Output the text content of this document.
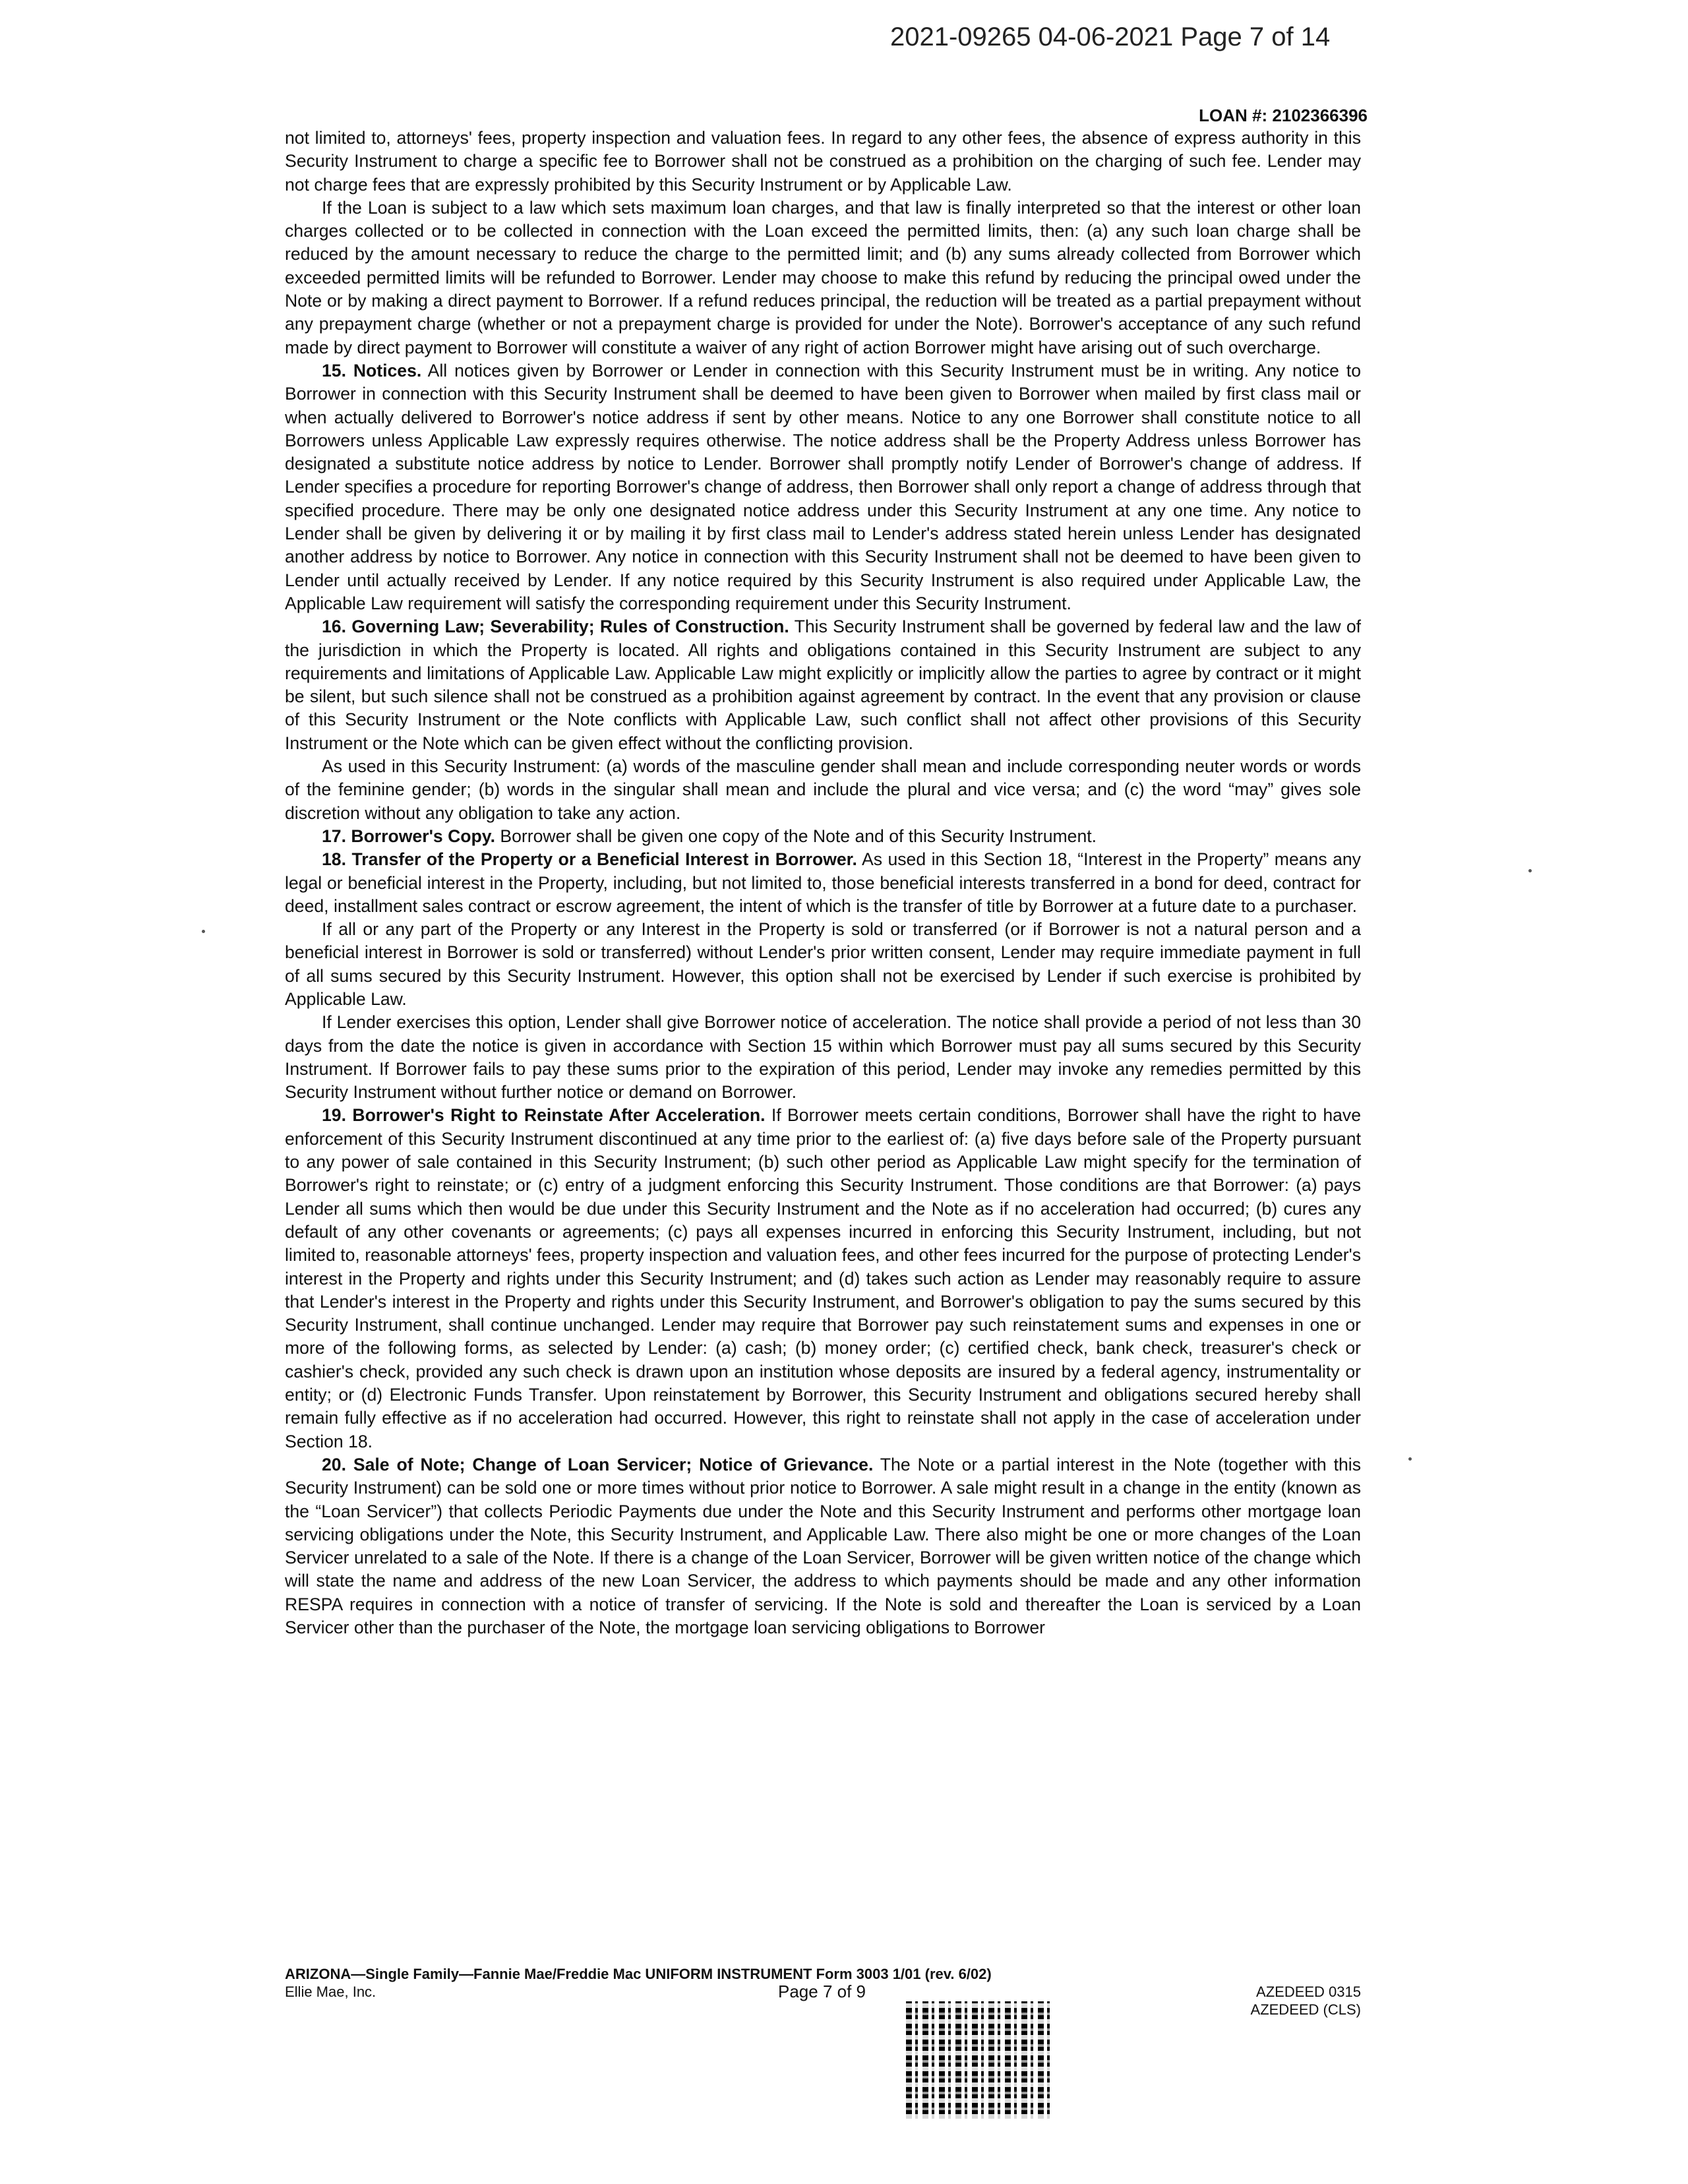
2021-09265 04-06-2021 Page 7 of 14
LOAN #: 2102366396

not limited to, attorneys' fees, property inspection and valuation fees. In regard to any other fees, the absence of express authority in this Security Instrument to charge a specific fee to Borrower shall not be construed as a prohibition on the charging of such fee. Lender may not charge fees that are expressly prohibited by this Security Instrument or by Applicable Law.

If the Loan is subject to a law which sets maximum loan charges, and that law is finally interpreted so that the interest or other loan charges collected or to be collected in connection with the Loan exceed the permitted limits, then: (a) any such loan charge shall be reduced by the amount necessary to reduce the charge to the permitted limit; and (b) any sums already collected from Borrower which exceeded permitted limits will be refunded to Borrower. Lender may choose to make this refund by reducing the principal owed under the Note or by making a direct payment to Borrower. If a refund reduces principal, the reduction will be treated as a partial prepayment without any prepayment charge (whether or not a prepayment charge is provided for under the Note). Borrower's acceptance of any such refund made by direct payment to Borrower will constitute a waiver of any right of action Borrower might have arising out of such overcharge.

15. Notices. All notices given by Borrower or Lender in connection with this Security Instrument must be in writing. Any notice to Borrower in connection with this Security Instrument shall be deemed to have been given to Borrower when mailed by first class mail or when actually delivered to Borrower's notice address if sent by other means. Notice to any one Borrower shall constitute notice to all Borrowers unless Applicable Law expressly requires otherwise. The notice address shall be the Property Address unless Borrower has designated a substitute notice address by notice to Lender. Borrower shall promptly notify Lender of Borrower's change of address. If Lender specifies a procedure for reporting Borrower's change of address, then Borrower shall only report a change of address through that specified procedure. There may be only one designated notice address under this Security Instrument at any one time. Any notice to Lender shall be given by delivering it or by mailing it by first class mail to Lender's address stated herein unless Lender has designated another address by notice to Borrower. Any notice in connection with this Security Instrument shall not be deemed to have been given to Lender until actually received by Lender. If any notice required by this Security Instrument is also required under Applicable Law, the Applicable Law requirement will satisfy the corresponding requirement under this Security Instrument.

16. Governing Law; Severability; Rules of Construction. This Security Instrument shall be governed by federal law and the law of the jurisdiction in which the Property is located. All rights and obligations contained in this Security Instrument are subject to any requirements and limitations of Applicable Law. Applicable Law might explicitly or implicitly allow the parties to agree by contract or it might be silent, but such silence shall not be construed as a prohibition against agreement by contract. In the event that any provision or clause of this Security Instrument or the Note conflicts with Applicable Law, such conflict shall not affect other provisions of this Security Instrument or the Note which can be given effect without the conflicting provision.

As used in this Security Instrument: (a) words of the masculine gender shall mean and include corresponding neuter words or words of the feminine gender; (b) words in the singular shall mean and include the plural and vice versa; and (c) the word “may” gives sole discretion without any obligation to take any action.

17. Borrower's Copy. Borrower shall be given one copy of the Note and of this Security Instrument.

18. Transfer of the Property or a Beneficial Interest in Borrower. As used in this Section 18, “Interest in the Property” means any legal or beneficial interest in the Property, including, but not limited to, those beneficial interests transferred in a bond for deed, contract for deed, installment sales contract or escrow agreement, the intent of which is the transfer of title by Borrower at a future date to a purchaser.

If all or any part of the Property or any Interest in the Property is sold or transferred (or if Borrower is not a natural person and a beneficial interest in Borrower is sold or transferred) without Lender's prior written consent, Lender may require immediate payment in full of all sums secured by this Security Instrument. However, this option shall not be exercised by Lender if such exercise is prohibited by Applicable Law.

If Lender exercises this option, Lender shall give Borrower notice of acceleration. The notice shall provide a period of not less than 30 days from the date the notice is given in accordance with Section 15 within which Borrower must pay all sums secured by this Security Instrument. If Borrower fails to pay these sums prior to the expiration of this period, Lender may invoke any remedies permitted by this Security Instrument without further notice or demand on Borrower.

19. Borrower's Right to Reinstate After Acceleration. If Borrower meets certain conditions, Borrower shall have the right to have enforcement of this Security Instrument discontinued at any time prior to the earliest of: (a) five days before sale of the Property pursuant to any power of sale contained in this Security Instrument; (b) such other period as Applicable Law might specify for the termination of Borrower's right to reinstate; or (c) entry of a judgment enforcing this Security Instrument. Those conditions are that Borrower: (a) pays Lender all sums which then would be due under this Security Instrument and the Note as if no acceleration had occurred; (b) cures any default of any other covenants or agreements; (c) pays all expenses incurred in enforcing this Security Instrument, including, but not limited to, reasonable attorneys' fees, property inspection and valuation fees, and other fees incurred for the purpose of protecting Lender's interest in the Property and rights under this Security Instrument; and (d) takes such action as Lender may reasonably require to assure that Lender's interest in the Property and rights under this Security Instrument, and Borrower's obligation to pay the sums secured by this Security Instrument, shall continue unchanged. Lender may require that Borrower pay such reinstatement sums and expenses in one or more of the following forms, as selected by Lender: (a) cash; (b) money order; (c) certified check, bank check, treasurer's check or cashier's check, provided any such check is drawn upon an institution whose deposits are insured by a federal agency, instrumentality or entity; or (d) Electronic Funds Transfer. Upon reinstatement by Borrower, this Security Instrument and obligations secured hereby shall remain fully effective as if no acceleration had occurred. However, this right to reinstate shall not apply in the case of acceleration under Section 18.

20. Sale of Note; Change of Loan Servicer; Notice of Grievance. The Note or a partial interest in the Note (together with this Security Instrument) can be sold one or more times without prior notice to Borrower. A sale might result in a change in the entity (known as the “Loan Servicer”) that collects Periodic Payments due under the Note and this Security Instrument and performs other mortgage loan servicing obligations under the Note, this Security Instrument, and Applicable Law. There also might be one or more changes of the Loan Servicer unrelated to a sale of the Note. If there is a change of the Loan Servicer, Borrower will be given written notice of the change which will state the name and address of the new Loan Servicer, the address to which payments should be made and any other information RESPA requires in connection with a notice of transfer of servicing. If the Note is sold and thereafter the Loan is serviced by a Loan Servicer other than the purchaser of the Note, the mortgage loan servicing obligations to Borrower

ARIZONA—Single Family—Fannie Mae/Freddie Mac UNIFORM INSTRUMENT Form 3003 1/01 (rev. 6/02)
Ellie Mae, Inc.	Page 7 of 9	AZEDEED 0315
AZEDEED (CLS)
